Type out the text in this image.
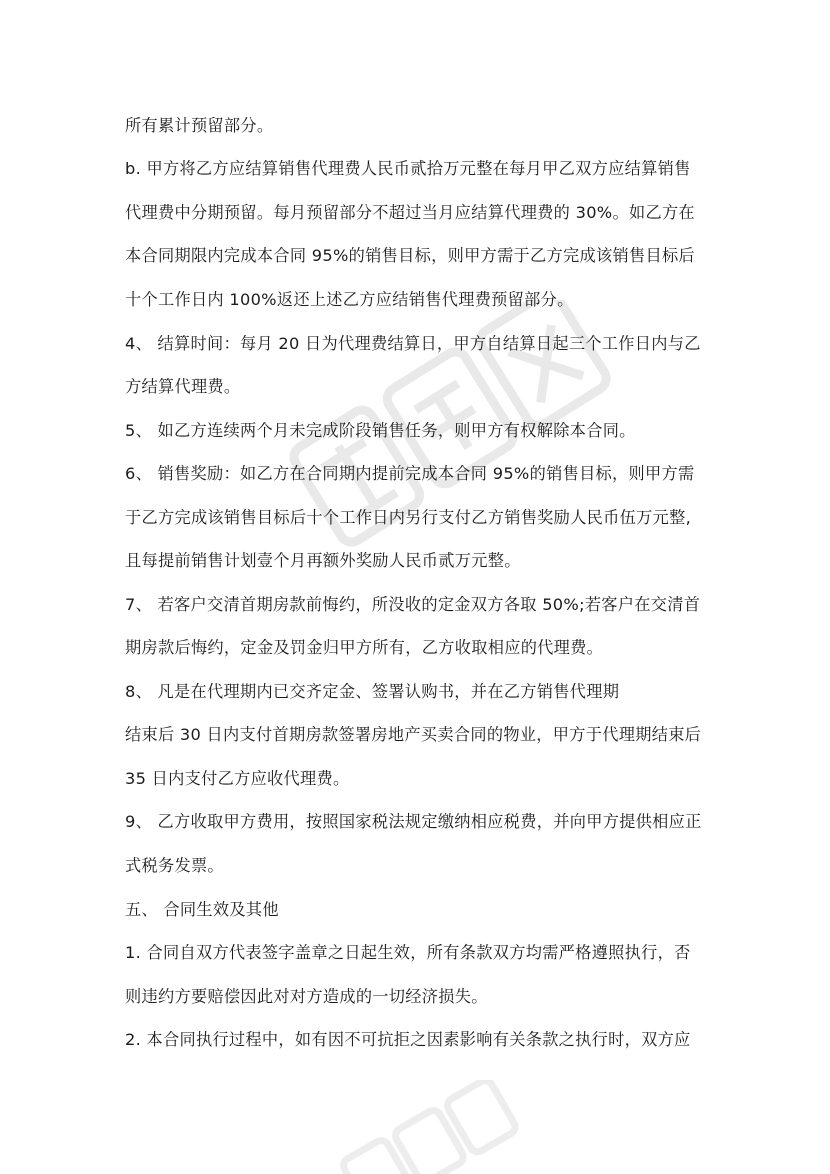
所有累计预留部分。
b. 甲方将乙方应结算销售代理费人民币贰拾万元整在每月甲乙双方应结算销售
代理费中分期预留。每月预留部分不超过当月应结算代理费的 30%。如乙方在
本合同期限内完成本合同 95%的销售目标，则甲方需于乙方完成该销售目标后
十个工作日内 100%返还上述乙方应结销售代理费预留部分。
4、 结算时间：每月 20 日为代理费结算日，甲方自结算日起三个工作日内与乙
方结算代理费。
5、 如乙方连续两个月未完成阶段销售任务，则甲方有权解除本合同。
6、 销售奖励：如乙方在合同期内提前完成本合同 95%的销售目标，则甲方需
于乙方完成该销售目标后十个工作日内另行支付乙方销售奖励人民币伍万元整,
且每提前销售计划壹个月再额外奖励人民币贰万元整。
7、 若客户交清首期房款前悔约，所没收的定金双方各取 50%;若客户在交清首
期房款后悔约，定金及罚金归甲方所有，乙方收取相应的代理费。
8、 凡是在代理期内已交齐定金、签署认购书，并在乙方销售代理期
结束后 30 日内支付首期房款签署房地产买卖合同的物业，甲方于代理期结束后
35 日内支付乙方应收代理费。
9、 乙方收取甲方费用，按照国家税法规定缴纳相应税费，并向甲方提供相应正
式税务发票。
五、 合同生效及其他
1. 合同自双方代表签字盖章之日起生效，所有条款双方均需严格遵照执行，否
则违约方要赔偿因此对对方造成的一切经济损失。
2. 本合同执行过程中，如有因不可抗拒之因素影响有关条款之执行时，双方应
